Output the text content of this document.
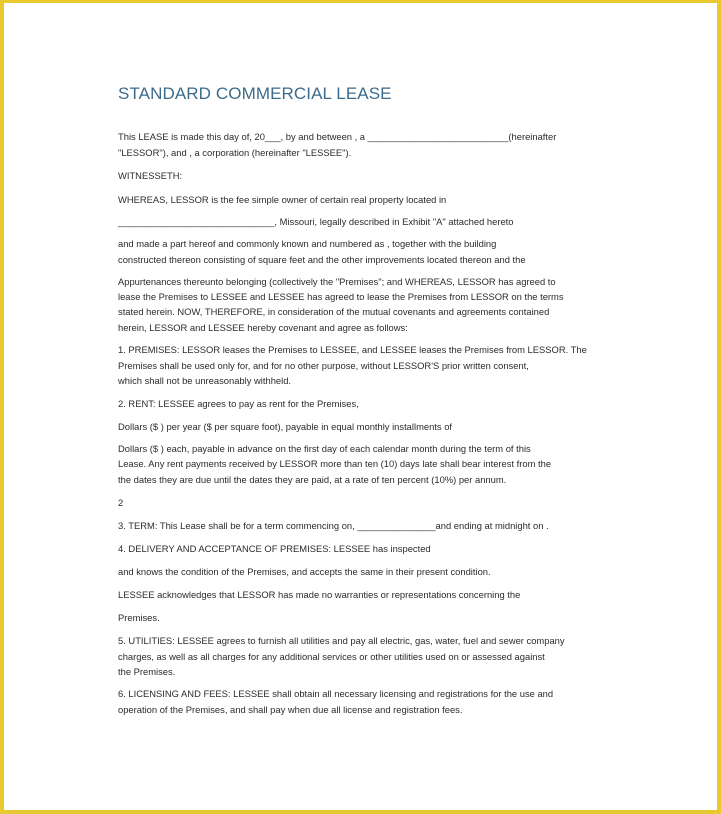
STANDARD COMMERCIAL LEASE
This LEASE is made this day of, 20___, by and between , a ___________________________(hereinafter
"LESSOR"), and , a corporation (hereinafter "LESSEE").
WITNESSETH:
WHEREAS, LESSOR is the fee simple owner of certain real property located in
______________________________, Missouri, legally described in Exhibit "A" attached hereto
and made a part hereof and commonly known and numbered as , together with the building
constructed thereon consisting of square feet and the other improvements located thereon and the
Appurtenances thereunto belonging (collectively the "Premises"; and WHEREAS, LESSOR has agreed to
lease the Premises to LESSEE and LESSEE has agreed to lease the Premises from LESSOR on the terms
stated herein. NOW, THEREFORE, in consideration of the mutual covenants and agreements contained
herein, LESSOR and LESSEE hereby covenant and agree as follows:
1. PREMISES: LESSOR leases the Premises to LESSEE, and LESSEE leases the Premises from LESSOR. The
Premises shall be used only for, and for no other purpose, without LESSOR'S prior written consent,
which shall not be unreasonably withheld.
2. RENT: LESSEE agrees to pay as rent for the Premises,
Dollars ($ ) per year ($ per square foot), payable in equal monthly installments of
Dollars ($ ) each, payable in advance on the first day of each calendar month during the term of this
Lease. Any rent payments received by LESSOR more than ten (10) days late shall bear interest from the
the dates they are due until the dates they are paid, at a rate of ten percent (10%) per annum.
2
3. TERM: This Lease shall be for a term commencing on, _______________and ending at midnight on .
4. DELIVERY AND ACCEPTANCE OF PREMISES: LESSEE has inspected
and knows the condition of the Premises, and accepts the same in their present condition.
LESSEE acknowledges that LESSOR has made no warranties or representations concerning the
Premises.
5. UTILITIES: LESSEE agrees to furnish all utilities and pay all electric, gas, water, fuel and sewer company
charges, as well as all charges for any additional services or other utilities used on or assessed against
the Premises.
6. LICENSING AND FEES: LESSEE shall obtain all necessary licensing and registrations for the use and
operation of the Premises, and shall pay when due all license and registration fees.
